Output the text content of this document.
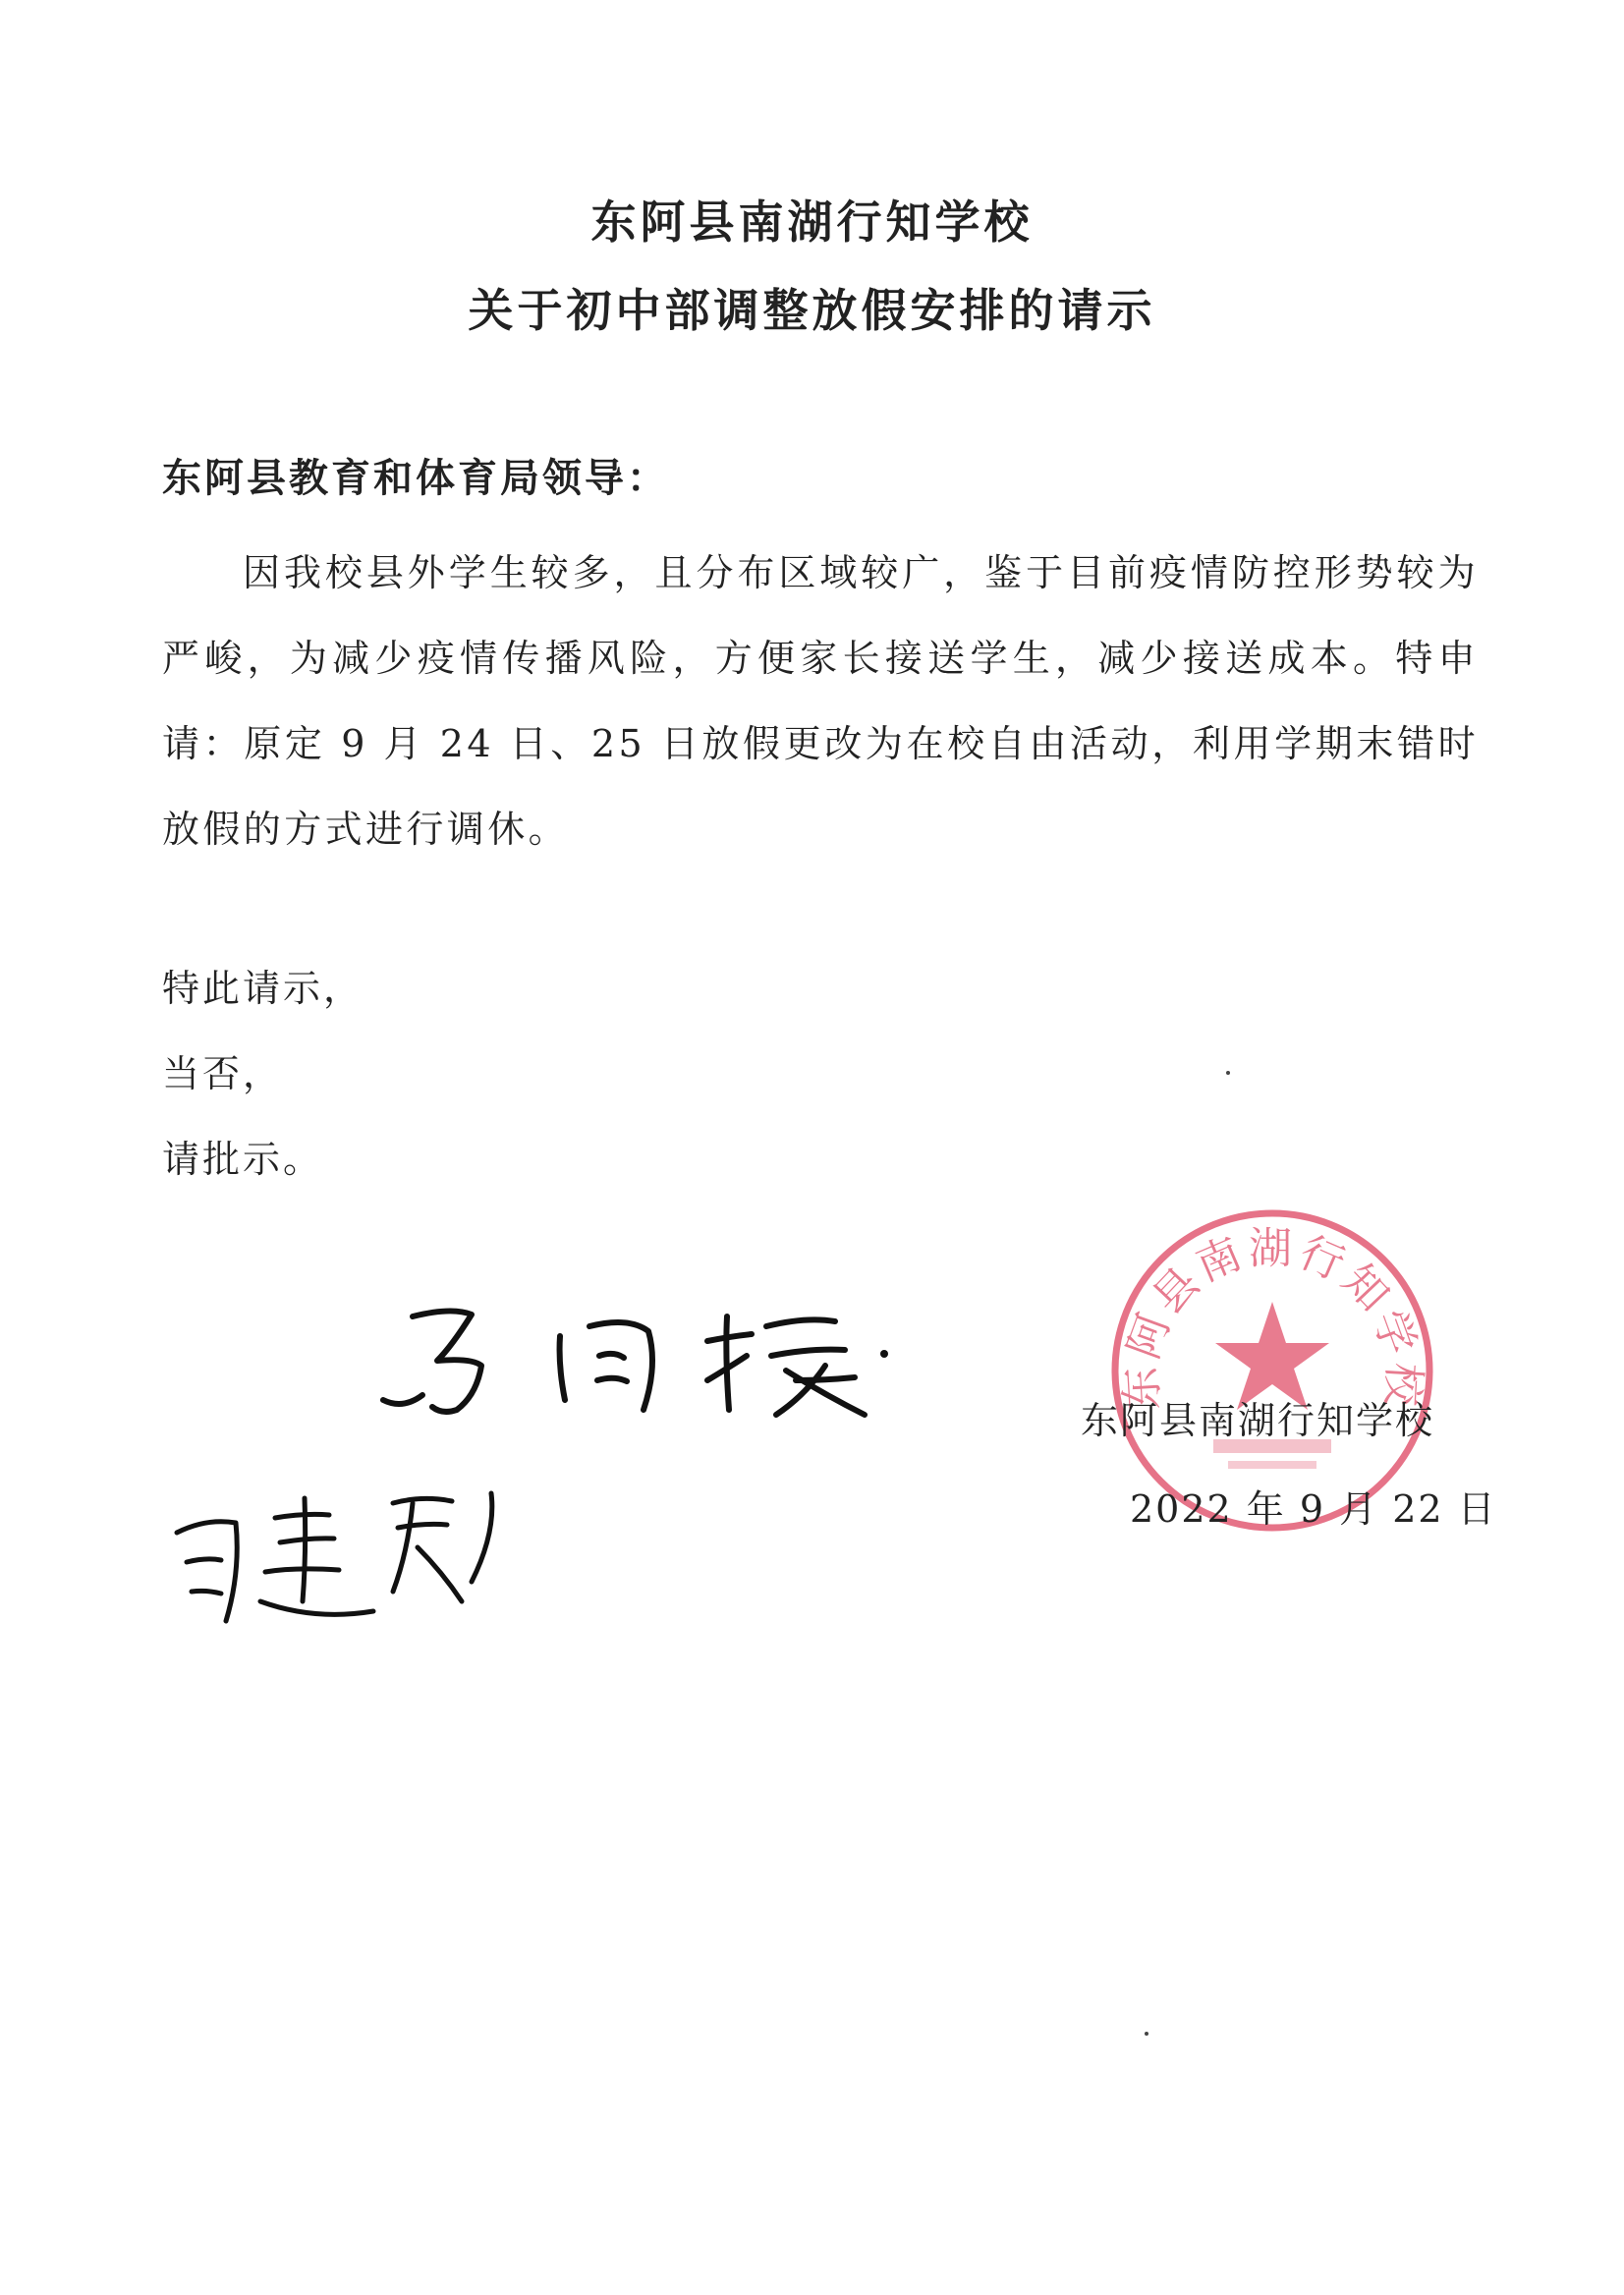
东阿县南湖行知学校
关于初中部调整放假安排的请示
东阿县教育和体育局领导：
因我校县外学生较多，且分布区域较广，鉴于目前疫情防控形势较为严峻，为减少疫情传播风险，方便家长接送学生，减少接送成本。特申请：原定 9 月 24 日、25 日放假更改为在校自由活动，利用学期末错时放假的方式进行调休。
特此请示，
当否，
请批示。
东阿县南湖行知学校
东阿县南湖行知学校
2022 年 9 月 22 日
